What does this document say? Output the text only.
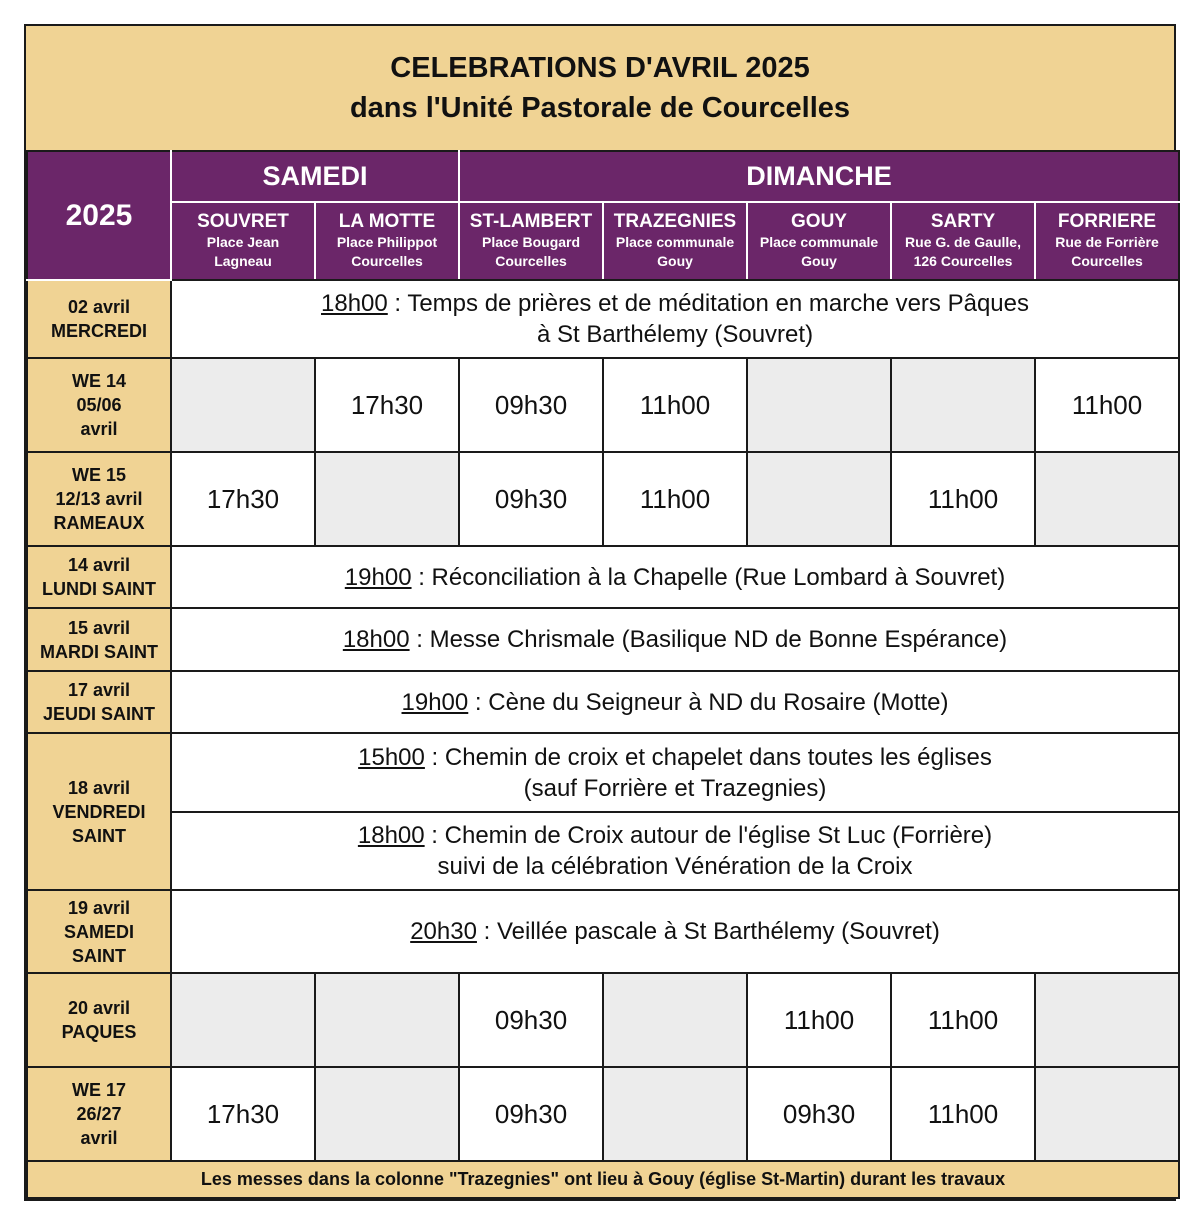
CELEBRATIONS D'AVRIL 2025
dans l'Unité Pastorale de Courcelles
2025	SAMEDI		DIMANCHE				

	SOUVRET
Place Jean
Lagneau	LA MOTTE
Place Philippot
Courcelles	ST-LAMBERT
Place Bougard
Courcelles	TRAZEGNIES
Place communale
Gouy	GOUY
Place communale
Gouy	SARTY
Rue G. de Gaulle,
126 Courcelles	FORRIERE
Rue de Forrière
Courcelles

02 avril
MERCREDI	18h00 : Temps de prières et de méditation en marche vers Pâques
à St Barthélemy (Souvret)						

WE 14
05/06
avril		17h30	09h30	11h00			11h00

WE 15
12/13 avril
RAMEAUX	17h30		09h30	11h00		11h00	

14 avril
LUNDI SAINT	19h00 : Réconciliation à la Chapelle (Rue Lombard à Souvret)						

15 avril
MARDI SAINT	18h00 : Messe Chrismale (Basilique ND de Bonne Espérance)						

17 avril
JEUDI SAINT	19h00 : Cène du Seigneur à ND du Rosaire (Motte)						

18 avril
VENDREDI
SAINT	15h00 : Chemin de croix et chapelet dans toutes les églises
(sauf Forrière et Trazegnies)						

	18h00 : Chemin de Croix autour de l'église St Luc (Forrière)
suivi de la célébration Vénération de la Croix						

19 avril
SAMEDI
SAINT	20h30 : Veillée pascale à St Barthélemy (Souvret)						

20 avril
PAQUES			09h30		11h00	11h00	

WE 17
26/27
avril	17h30		09h30		09h30	11h00	
Les messes dans la colonne "Trazegnies" ont lieu à Gouy (église St-Martin) durant les travaux							
